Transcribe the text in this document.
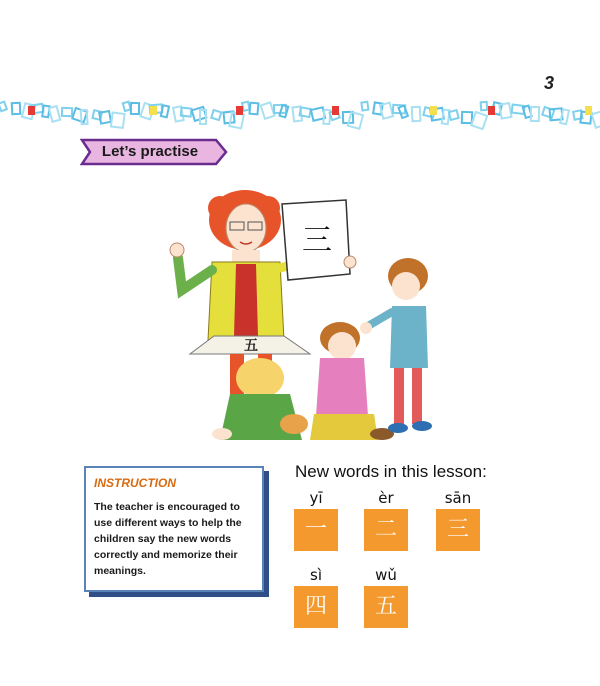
3
Let’s practise
五
三
INSTRUCTION
The teacher is encouraged to
use different ways to help the
children say the new words
correctly and memorize their
meanings.
New words in this lesson:
yī
一
èr
二
sān
三
sì
四
wǔ
五
